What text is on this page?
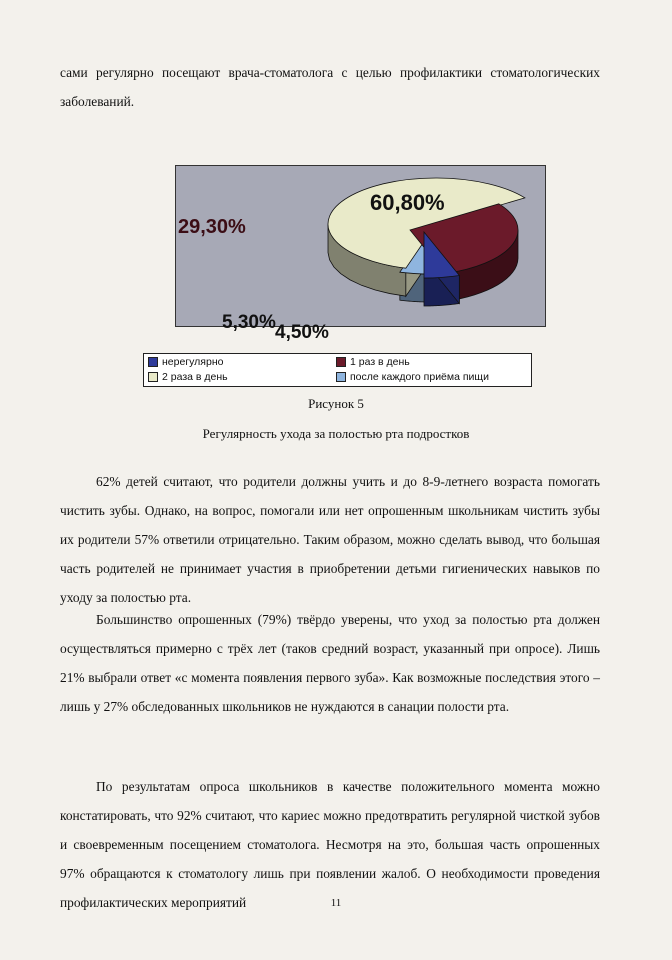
сами регулярно посещают врача-стоматолога с целью профилактики стоматологических заболеваний.
60,80%
29,30%
5,30% 4,50%
нерегулярно	1 раз в день
2 раза в день	после каждого приёма пищи
Рисунок 5
Регулярность ухода за полостью рта подростков
62% детей считают, что родители должны учить и до 8-9-летнего возраста помогать чистить зубы. Однако, на вопрос, помогали или нет опрошенным школьникам чистить зубы их родители 57% ответили отрицательно. Таким образом, можно сделать вывод, что большая часть родителей не принимает участия в приобретении детьми гигиенических навыков по уходу за полостью рта.
Большинство опрошенных (79%) твёрдо уверены, что уход за полостью рта должен осуществляться примерно с трёх лет (таков средний возраст, указанный при опросе). Лишь 21% выбрали ответ «с момента появления первого зуба». Как возможные последствия этого – лишь у 27% обследованных школьников не нуждаются в санации полости рта.
По результатам опроса школьников в качестве положительного момента можно констатировать, что 92% считают, что кариес можно предотвратить регулярной чисткой зубов и своевременным посещением стоматолога. Несмотря на это, большая часть опрошенных 97% обращаются к стоматологу лишь при появлении жалоб. О необходимости проведения профилактических мероприятий	11
